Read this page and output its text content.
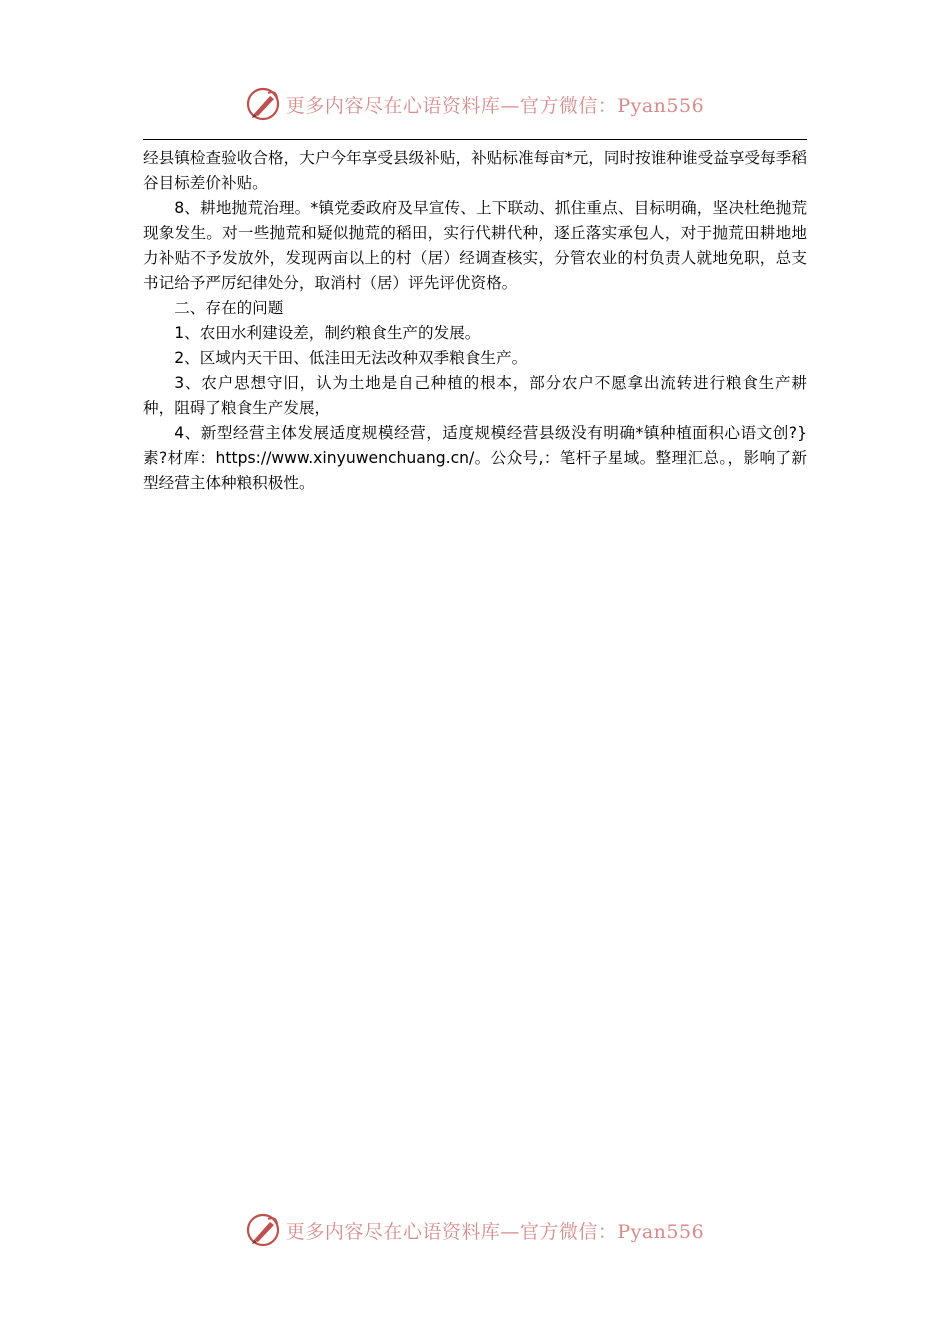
更多内容尽在心语资料库—官方微信：Pyan556

经县镇检查验收合格，大户今年享受县级补贴，补贴标准每亩*元，同时按谁种谁受益享受每季稻谷目标差价补贴。

8、耕地抛荒治理。*镇党委政府及早宣传、上下联动、抓住重点、目标明确，坚决杜绝抛荒现象发生。对一些抛荒和疑似抛荒的稻田，实行代耕代种，逐丘落实承包人，对于抛荒田耕地地力补贴不予发放外，发现两亩以上的村（居）经调查核实，分管农业的村负责人就地免职，总支书记给予严厉纪律处分，取消村（居）评先评优资格。

二、存在的问题

1、农田水利建设差，制约粮食生产的发展。

2、区域内天干田、低洼田无法改种双季粮食生产。

3、农户思想守旧，认为土地是自己种植的根本，部分农户不愿拿出流转进行粮食生产耕种，阻碍了粮食生产发展，

4、新型经营主体发展适度规模经营，适度规模经营县级没有明确*镇种植面积心语文创?}素?材库：https://www.xinyuwenchuang.cn/。公众号,：笔杆子星域。整理汇总。，影响了新型经营主体种粮积极性。

更多内容尽在心语资料库—官方微信：Pyan556
